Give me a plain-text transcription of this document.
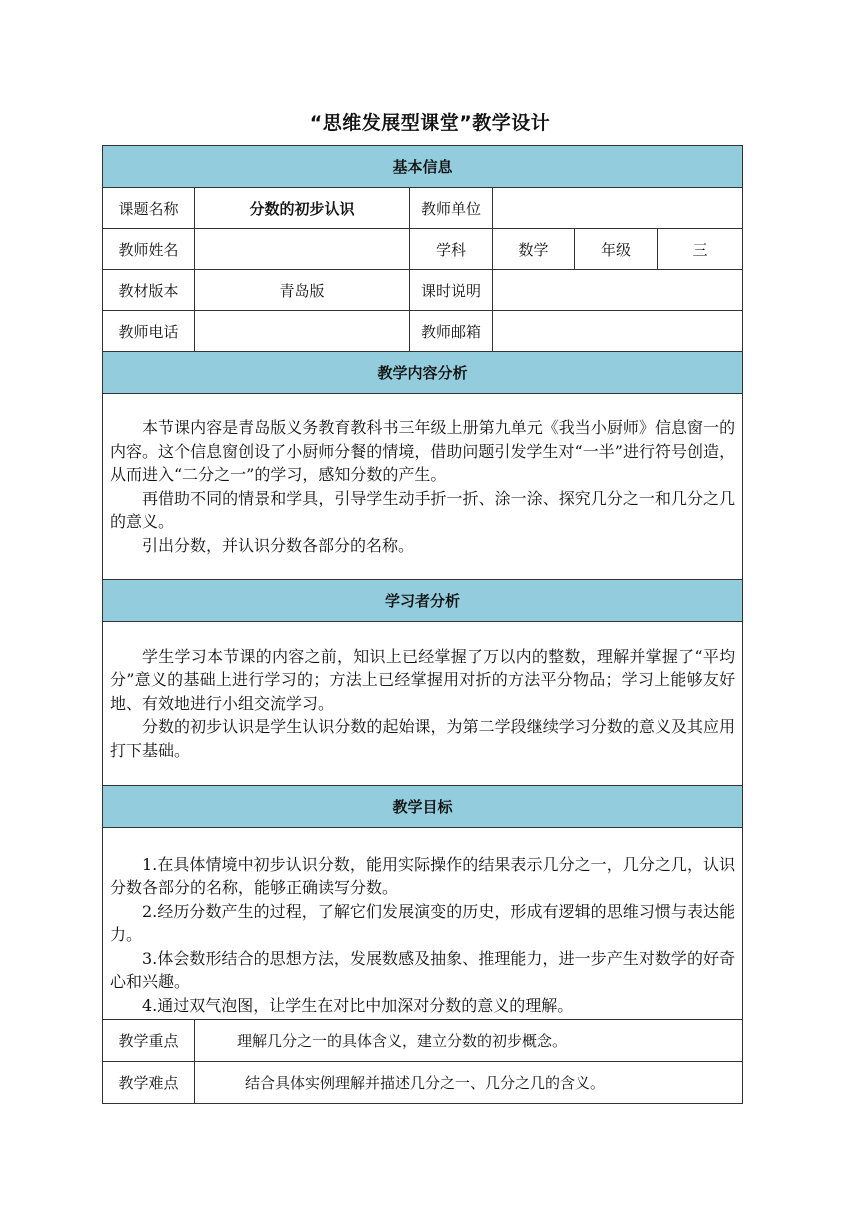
“思维发展型课堂”教学设计
基本信息					
课题名称	分数的初步认识	教师单位			
教师姓名		学科	数学	年级	三
教材版本	青岛版	课时说明			
教师电话		教师邮箱			
教学内容分析					

本节课内容是青岛版义务教育教科书三年级上册第九单元《我当小厨师》信息窗一的内容。这个信息窗创设了小厨师分餐的情境，借助问题引发学生对“一半”进行符号创造，从而进入“二分之一”的学习，感知分数的产生。

再借助不同的情景和学具，引导学生动手折一折、涂一涂、探究几分之一和几分之几的意义。

引出分数，并认识分数各部分的名称。					

学习者分析					

学生学习本节课的内容之前，知识上已经掌握了万以内的整数，理解并掌握了“平均分”意义的基础上进行学习的；方法上已经掌握用对折的方法平分物品；学习上能够友好地、有效地进行小组交流学习。

分数的初步认识是学生认识分数的起始课，为第二学段继续学习分数的意义及其应用打下基础。					

教学目标					

1.在具体情境中初步认识分数，能用实际操作的结果表示几分之一，几分之几，认识分数各部分的名称，能够正确读写分数。

2.经历分数产生的过程，了解它们发展演变的历史，形成有逻辑的思维习惯与表达能力。

3.体会数形结合的思想方法，发展数感及抽象、推理能力，进一步产生对数学的好奇心和兴趣。

4.通过双气泡图，让学生在对比中加深对分数的意义的理解。					

教学重点	理解几分之一的具体含义，建立分数的初步概念。				
教学难点	结合具体实例理解并描述几分之一、几分之几的含义。				
